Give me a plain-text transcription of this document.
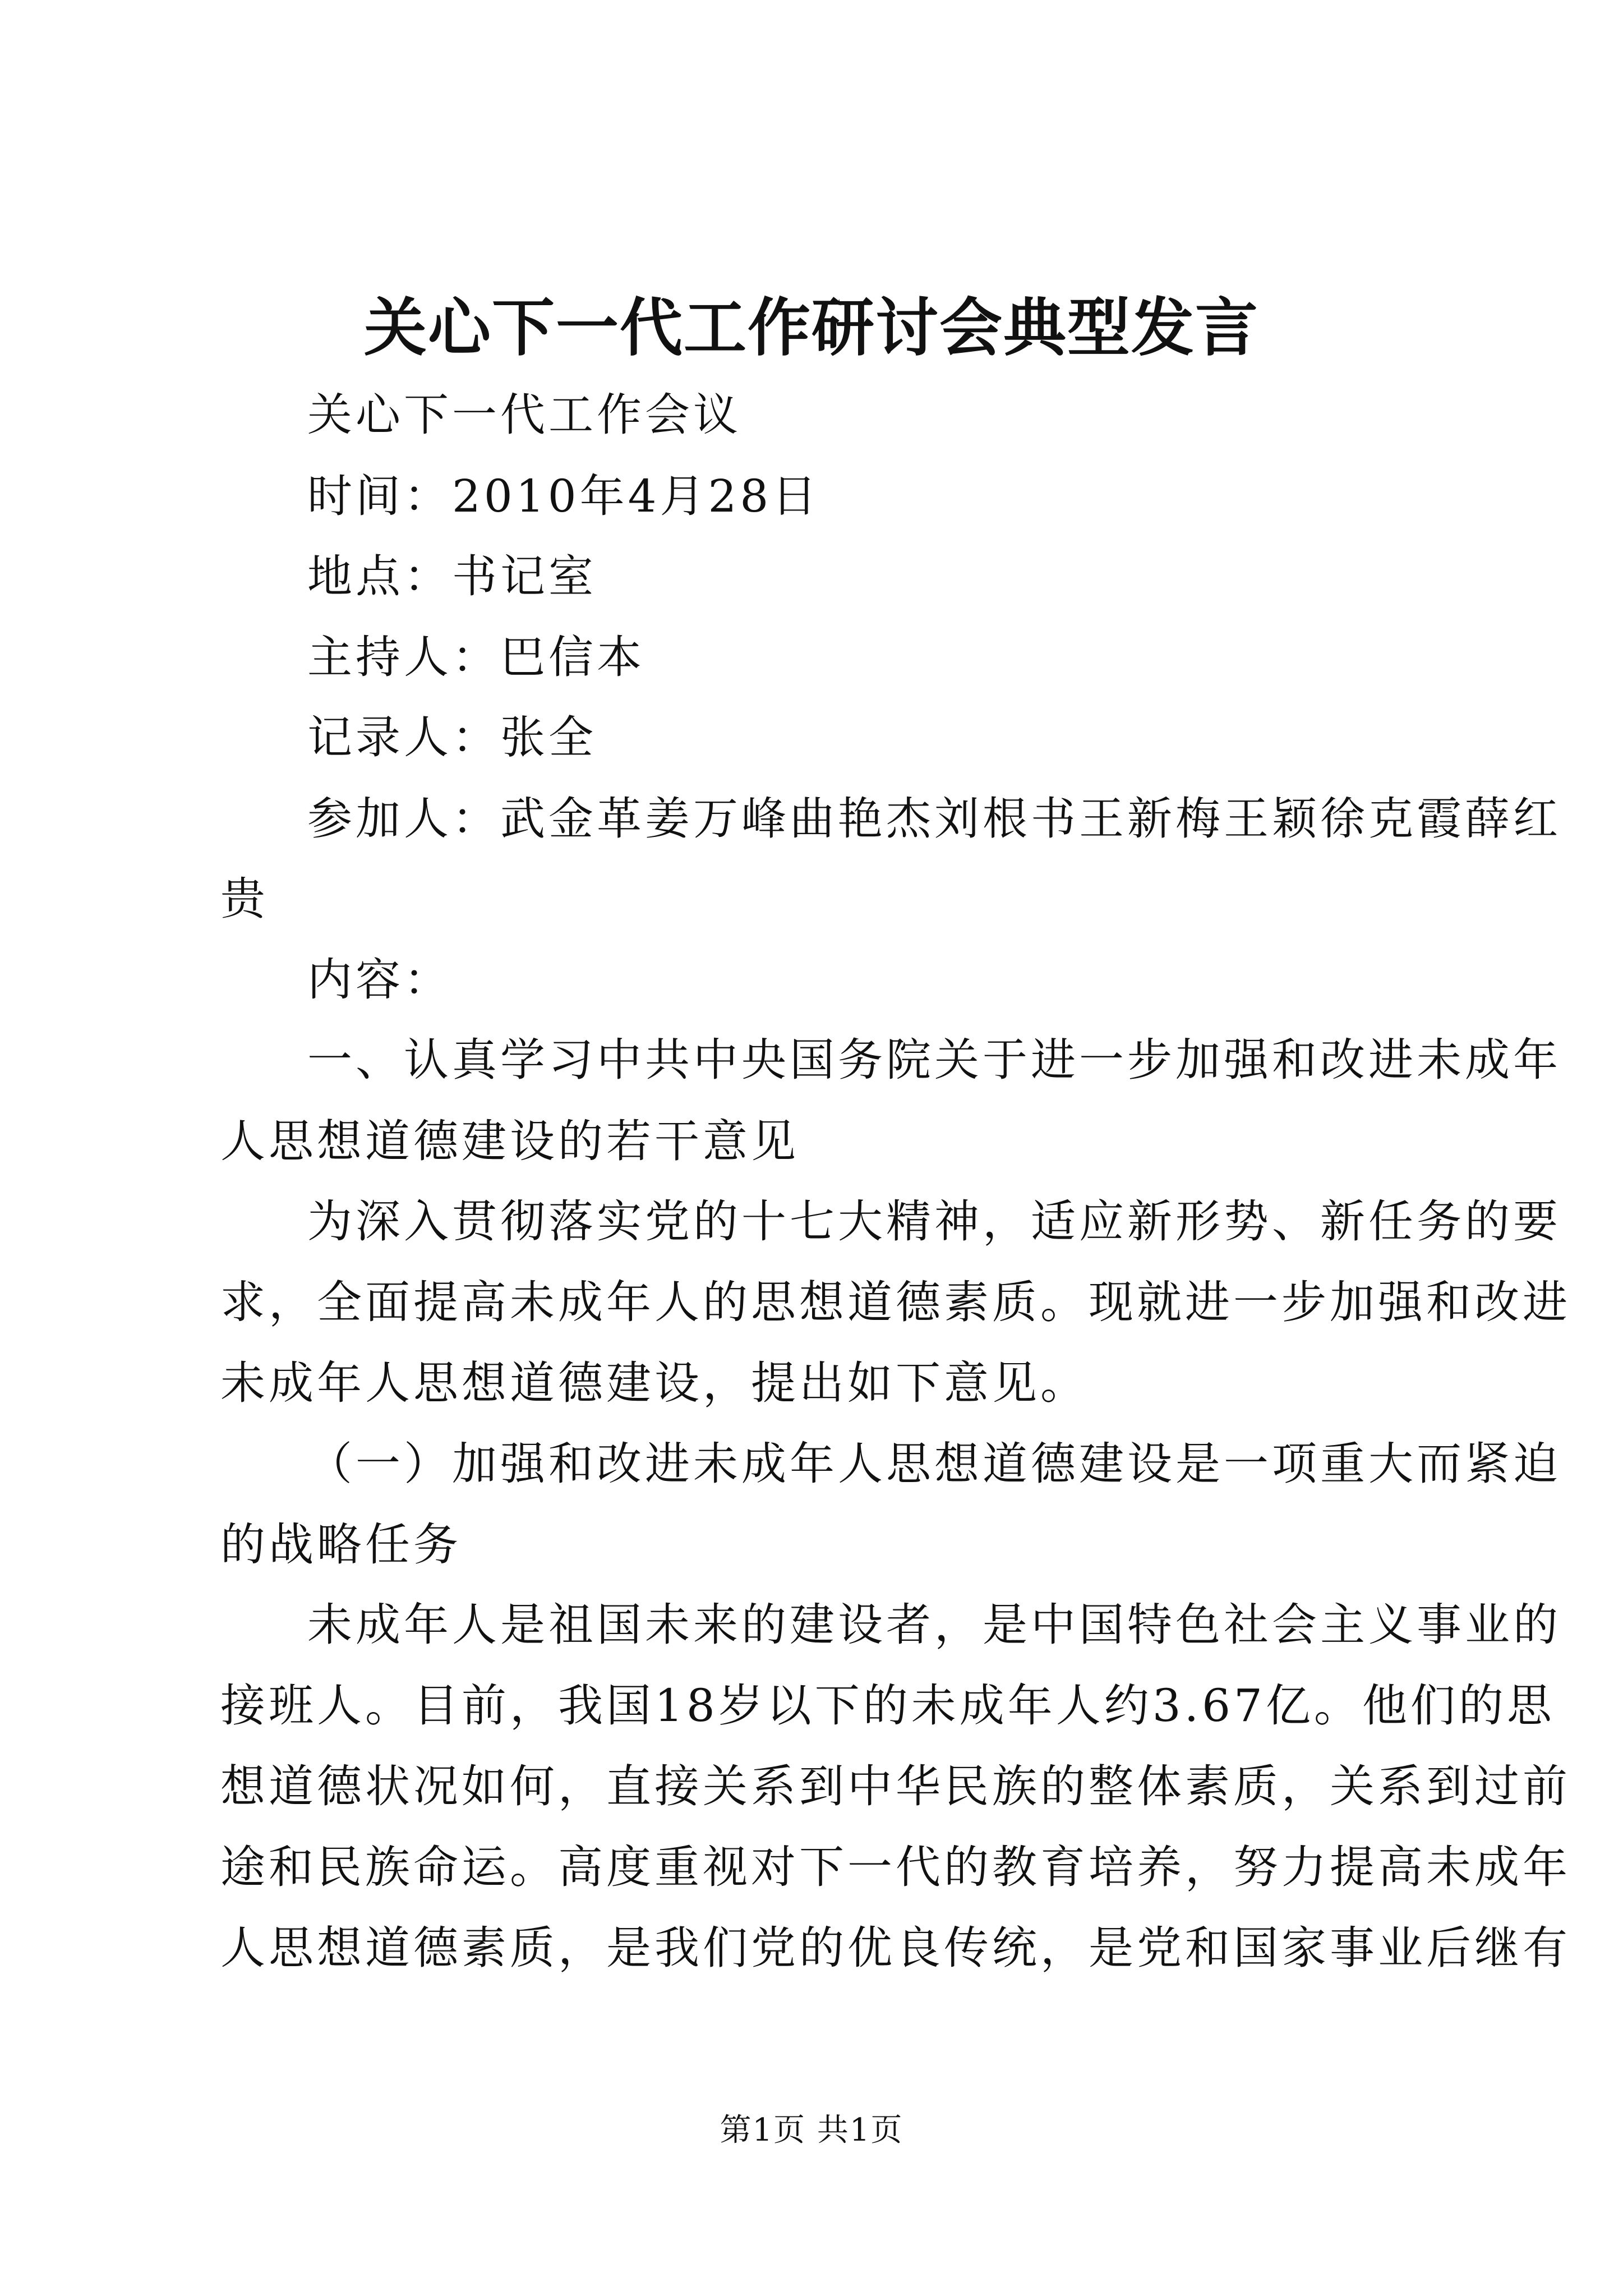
关心下一代工作研讨会典型发言
关心下一代工作会议
时间：2010年4月28日
地点：书记室
主持人：巴信本
记录人：张全
参加人：武金革姜万峰曲艳杰刘根书王新梅王颖徐克霞薛红
贵
内容：
一、认真学习中共中央国务院关于进一步加强和改进未成年
人思想道德建设的若干意见
为深入贯彻落实党的十七大精神，适应新形势、新任务的要
求，全面提高未成年人的思想道德素质。现就进一步加强和改进
未成年人思想道德建设，提出如下意见。
（一）加强和改进未成年人思想道德建设是一项重大而紧迫
的战略任务
未成年人是祖国未来的建设者，是中国特色社会主义事业的
接班人。目前，我国18岁以下的未成年人约3.67亿。他们的思
想道德状况如何，直接关系到中华民族的整体素质，关系到过前
途和民族命运。高度重视对下一代的教育培养，努力提高未成年
人思想道德素质，是我们党的优良传统，是党和国家事业后继有
第1页 共1页
